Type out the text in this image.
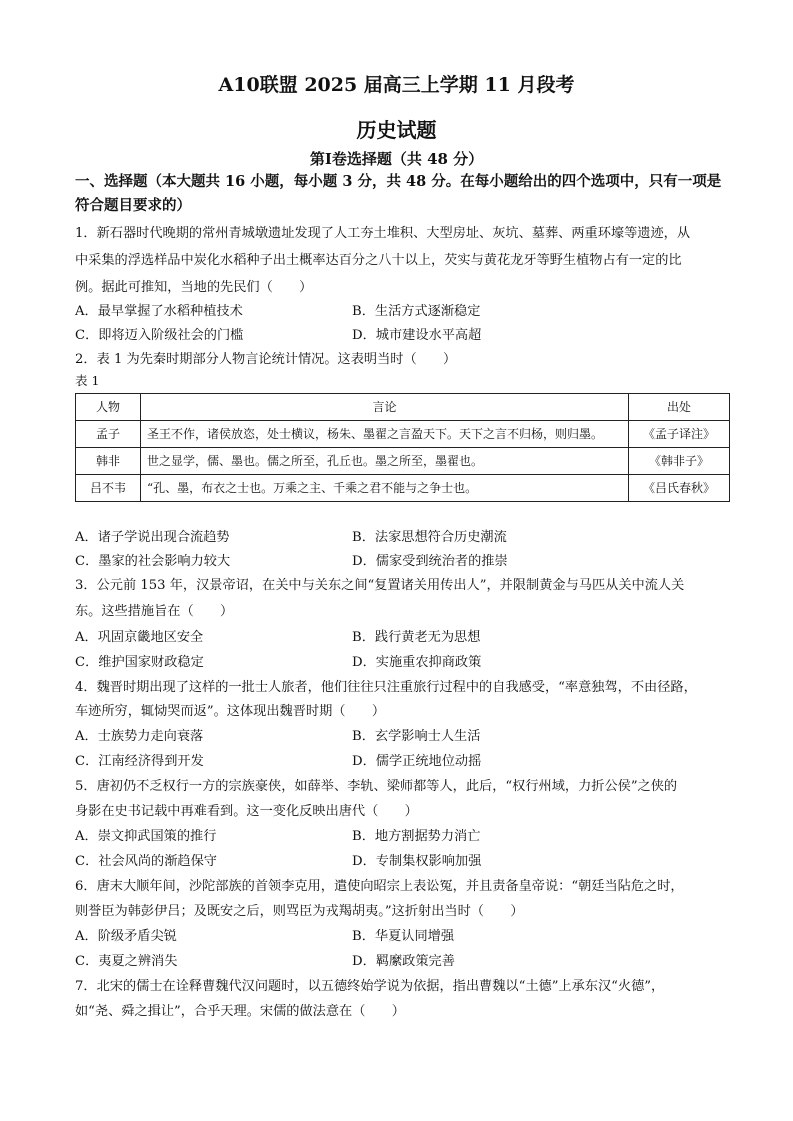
A10联盟 2025 届高三上学期 11 月段考
历史试题
第Ⅰ卷选择题（共 48 分）
一、选择题（本大题共 16 小题，每小题 3 分，共 48 分。在每小题给出的四个选项中，只有一项是符合题目要求的）
1．新石器时代晚期的常州青城墩遗址发现了人工夯土堆积、大型房址、灰坑、墓葬、两重环壕等遗迹，从
中采集的浮选样品中炭化水稻种子出土概率达百分之八十以上，芡实与黄花龙牙等野生植物占有一定的比
例。据此可推知，当地的先民们（　　）
A．最早掌握了水稻种植技术	B．生活方式逐渐稳定
C．即将迈入阶级社会的门槛	D．城市建设水平高超
2．表 1 为先秦时期部分人物言论统计情况。这表明当时（　　）
表 1
人物	言论	出处
孟子	圣王不作，诸侯放恣，处士横议，杨朱、墨翟之言盈天下。天下之言不归杨，则归墨。	《孟子译注》
韩非	世之显学，儒、墨也。儒之所至，孔丘也。墨之所至，墨翟也。	《韩非子》
吕不韦	“孔、墨，布衣之士也。万乘之主、千乘之君不能与之争士也。	《吕氏春秋》
A．诸子学说出现合流趋势	B．法家思想符合历史潮流
C．墨家的社会影响力较大	D．儒家受到统治者的推崇
3．公元前 153 年，汉景帝诏，在关中与关东之间“复置诸关用传出人”，并限制黄金与马匹从关中流人关
东。这些措施旨在（　　）
A．巩固京畿地区安全	B．践行黄老无为思想
C．维护国家财政稳定	D．实施重农抑商政策
4．魏晋时期出现了这样的一批士人旅者，他们往往只注重旅行过程中的自我感受，“率意独驾，不由径路，
车迹所穷，辄恸哭而返”。这体现出魏晋时期（　　）
A．士族势力走向衰落	B．玄学影响士人生活
C．江南经济得到开发	D．儒学正统地位动摇
5．唐初仍不乏权行一方的宗族豪侠，如薛举、李轨、梁师都等人，此后，“权行州域，力折公侯”之侠的
身影在史书记载中再难看到。这一变化反映出唐代（　　）
A．崇文抑武国策的推行	B．地方割据势力消亡
C．社会风尚的渐趋保守	D．专制集权影响加强
6．唐末大顺年间，沙陀部族的首领李克用，遣使向昭宗上表讼冤，并且责备皇帝说：“朝廷当阽危之时，
则誉臣为韩彭伊吕；及既安之后，则骂臣为戎羯胡夷。”这折射出当时（　　）
A．阶级矛盾尖锐	B．华夏认同增强
C．夷夏之辨消失	D．羁縻政策完善
7．北宋的儒士在诠释曹魏代汉问题时，以五德终始学说为依据，指出曹魏以“土德”上承东汉“火德”，
如“尧、舜之揖让”，合乎天理。宋儒的做法意在（　　）
